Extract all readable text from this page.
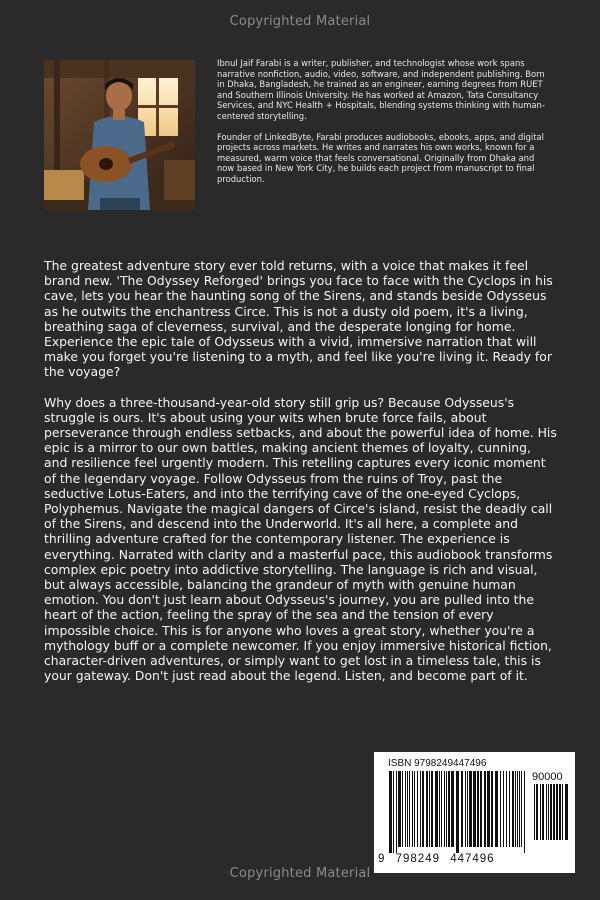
Copyrighted Material

Ibnul Jaif Farabi is a writer, publisher, and technologist whose work spans narrative nonfiction, audio, video, software, and independent publishing. Born in Dhaka, Bangladesh, he trained as an engineer, earning degrees from RUET and Southern Illinois University. He has worked at Amazon, Tata Consultancy Services, and NYC Health + Hospitals, blending systems thinking with human-centered storytelling.

Founder of LinkedByte, Farabi produces audiobooks, ebooks, apps, and digital projects across markets. He writes and narrates his own works, known for a measured, warm voice that feels conversational. Originally from Dhaka and now based in New York City, he builds each project from manuscript to final production.

The greatest adventure story ever told returns, with a voice that makes it feel brand new. 'The Odyssey Reforged' brings you face to face with the Cyclops in his cave, lets you hear the haunting song of the Sirens, and stands beside Odysseus as he outwits the enchantress Circe. This is not a dusty old poem, it's a living, breathing saga of cleverness, survival, and the desperate longing for home. Experience the epic tale of Odysseus with a vivid, immersive narration that will make you forget you're listening to a myth, and feel like you're living it. Ready for the voyage?

Why does a three-thousand-year-old story still grip us? Because Odysseus's struggle is ours. It's about using your wits when brute force fails, about perseverance through endless setbacks, and about the powerful idea of home. His epic is a mirror to our own battles, making ancient themes of loyalty, cunning, and resilience feel urgently modern. This retelling captures every iconic moment of the legendary voyage. Follow Odysseus from the ruins of Troy, past the seductive Lotus-Eaters, and into the terrifying cave of the one-eyed Cyclops, Polyphemus. Navigate the magical dangers of Circe's island, resist the deadly call of the Sirens, and descend into the Underworld. It's all here, a complete and thrilling adventure crafted for the contemporary listener. The experience is everything. Narrated with clarity and a masterful pace, this audiobook transforms complex epic poetry into addictive storytelling. The language is rich and visual, but always accessible, balancing the grandeur of myth with genuine human emotion. You don't just learn about Odysseus's journey, you are pulled into the heart of the action, feeling the spray of the sea and the tension of every impossible choice. This is for anyone who loves a great story, whether you're a mythology buff or a complete newcomer. If you enjoy immersive historical fiction, character-driven adventures, or simply want to get lost in a timeless tale, this is your gateway. Don't just read about the legend. Listen, and become part of it.

ISBN 9798249447496
90000
9 798249 447496
Copyrighted Material
